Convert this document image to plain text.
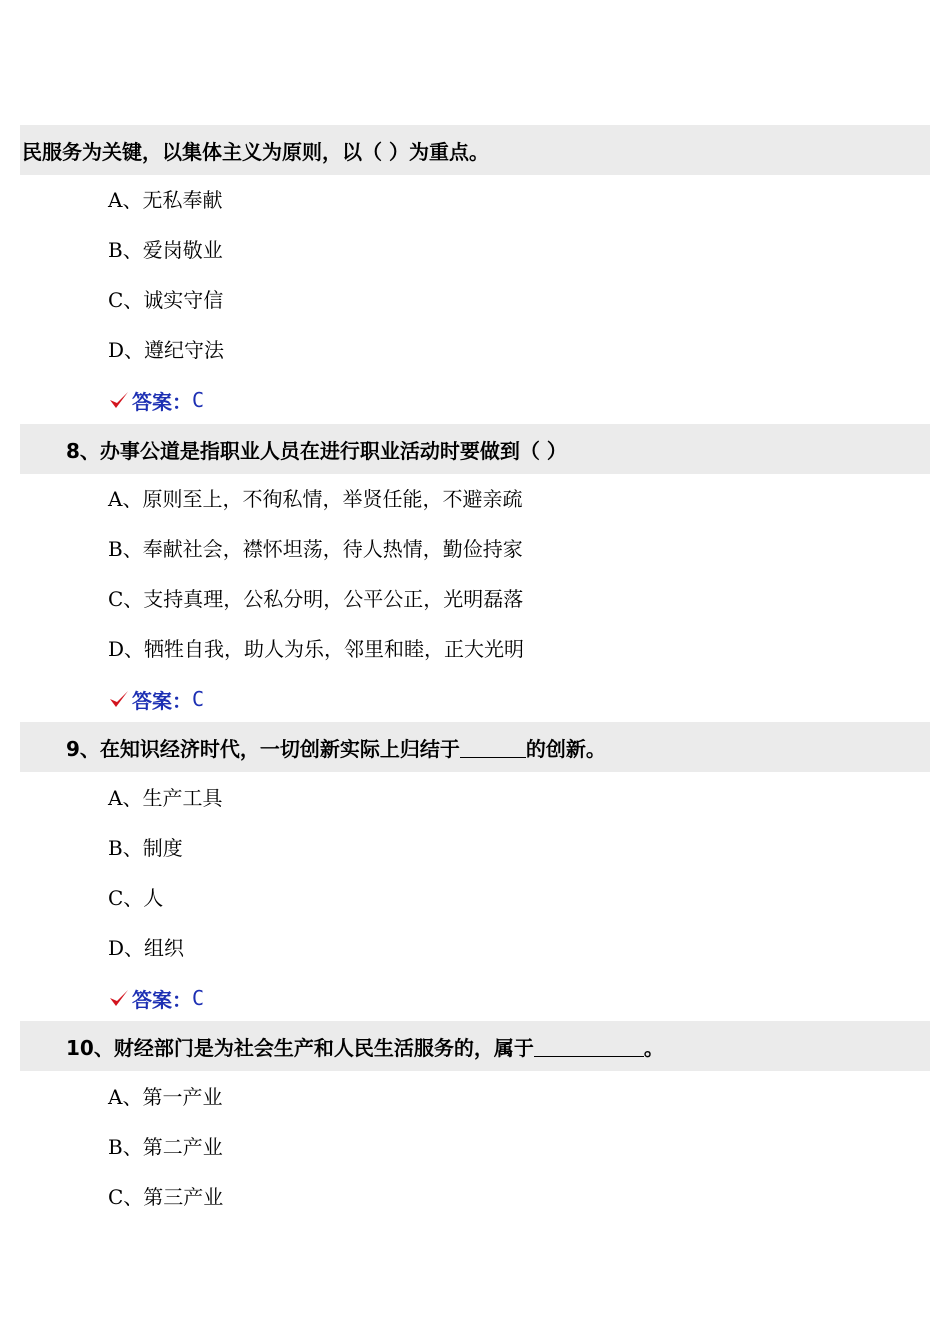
民服务为关键，以集体主义为原则，以（ ）为重点。
A、无私奉献
B、爱岗敬业
C、诚实守信
D、遵纪守法
答案： C
8、办事公道是指职业人员在进行职业活动时要做到（ ）
A、原则至上，不徇私情，举贤任能，不避亲疏
B、奉献社会，襟怀坦荡，待人热情，勤俭持家
C、支持真理，公私分明，公平公正，光明磊落
D、牺牲自我，助人为乐，邻里和睦，正大光明
答案： C
9、在知识经济时代，一切创新实际上归结于	的创新。
A、生产工具
B、制度
C、人
D、组织
答案： C
10、财经部门是为社会生产和人民生活服务的，属于	。
A、第一产业
B、第二产业
C、第三产业
